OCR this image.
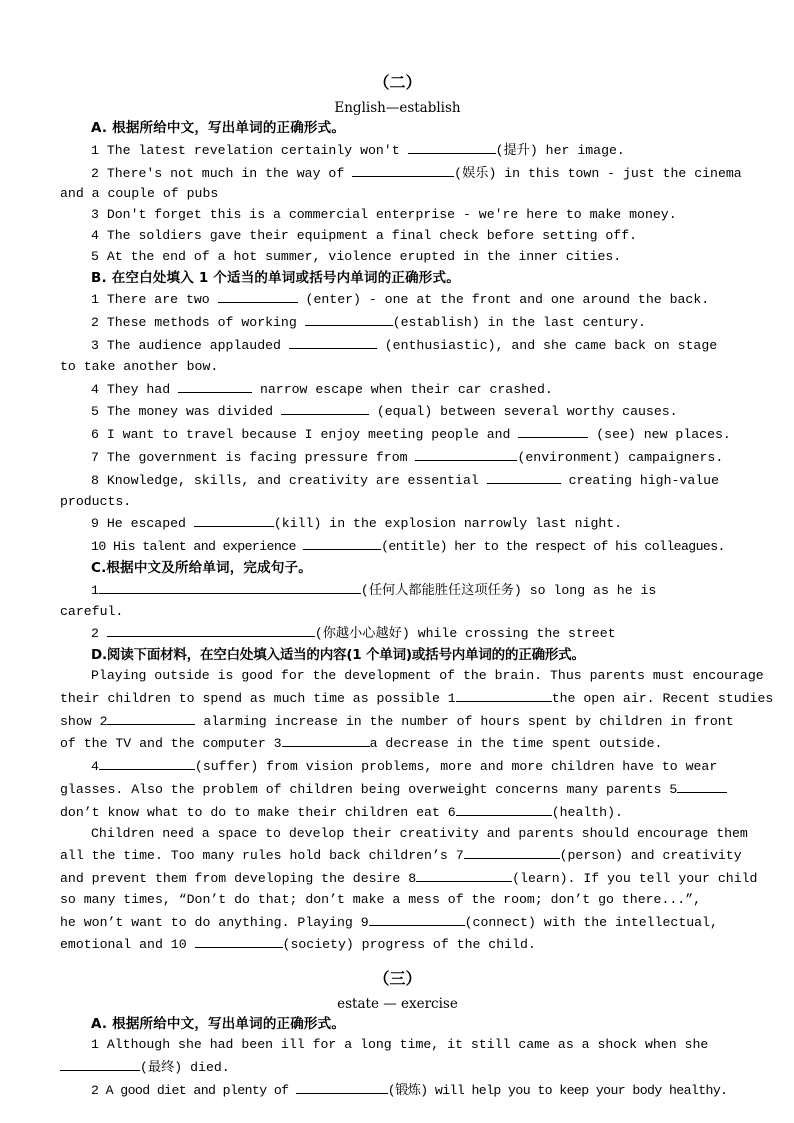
（二）
English—establish
A. 根据所给中文，写出单词的正确形式。
1 The latest revelation certainly won't	(提升) her image.
2 There's not much in the way of	(娱乐) in this town - just the cinema
and a couple of pubs
3 Don't forget this is a commercial enterprise - we're here to make money.
4 The soldiers gave their equipment a final check before setting off.
5 At the end of a hot summer, violence erupted in the inner cities.
B. 在空白处填入 1 个适当的单词或括号内单词的正确形式。
1 There are two	(enter) - one at the front and one around the back.
2 These methods of working	(establish) in the last century.
3 The audience applauded	(enthusiastic), and she came back on stage
to take another bow.
4 They had	narrow escape when their car crashed.
5 The money was divided	(equal) between several worthy causes.
6 I want to travel because I enjoy meeting people and	(see) new places.
7 The government is facing pressure from	(environment) campaigners.
8 Knowledge, skills, and creativity are essential	creating high-value
products.
9 He escaped	(kill) in the explosion narrowly last night.
10 His talent and experience	(entitle) her to the respect of his colleagues.
C.根据中文及所给单词，完成句子。
1	(任何人都能胜任这项任务) so long as he is
careful.
2	(你越小心越好) while crossing the street
D.阅读下面材料，在空白处填入适当的内容(1 个单词)或括号内单词的的正确形式。
Playing outside is good for the development of the brain. Thus parents must encourage
their children to spend as much time as possible 1	the open air. Recent studies
show 2	alarming increase in the number of hours spent by children in front
of the TV and the computer 3	a decrease in the time spent outside.
4	(suffer) from vision problems, more and more children have to wear
glasses. Also the problem of children being overweight concerns many parents 5
don’t know what to do to make their children eat 6	(health).
Children need a space to develop their creativity and parents should encourage them
all the time. Too many rules hold back children’s 7	(person) and creativity
and prevent them from developing the desire 8	(learn). If you tell your child
so many times, “Don’t do that; don’t make a mess of the room; don’t go there...”,
he won’t want to do anything. Playing 9	(connect) with the intellectual,
emotional and 10	(society) progress of the child.
（三）
estate — exercise
A. 根据所给中文，写出单词的正确形式。
1 Although she had been ill for a long time, it still came as a shock when she
(最终) died.
2 A good diet and plenty of	(锻炼) will help you to keep your body healthy.
